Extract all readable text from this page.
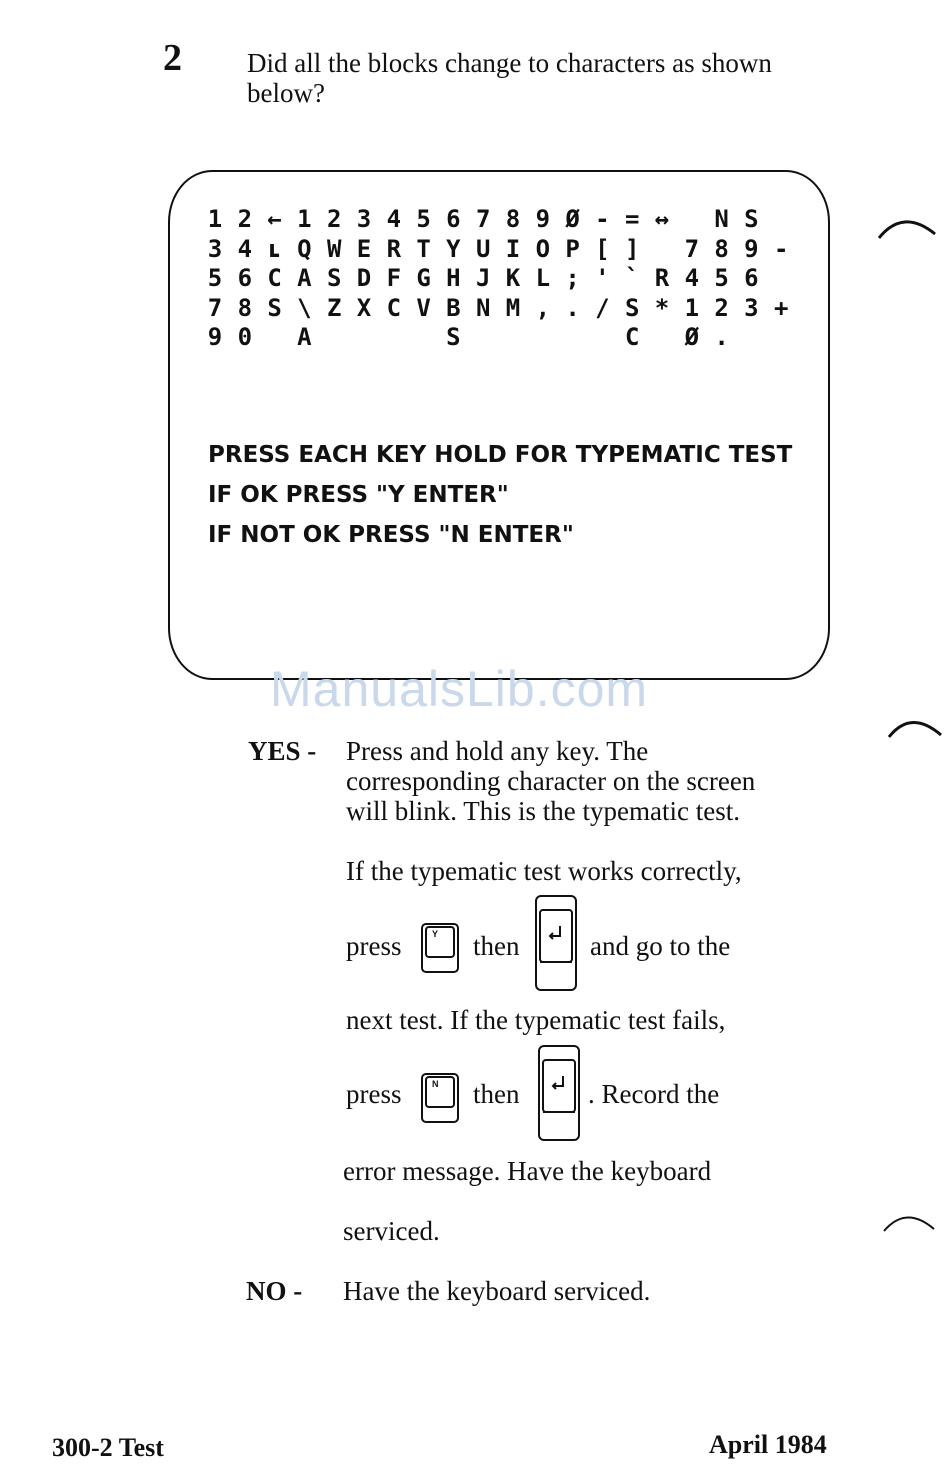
2 Did all the blocks change to characters as shown below?
1 2 ← 1 2 3 4 5 6 7 8 9 Ø - = ↔	N S
3 4 ʟ Q W E R T Y U I O P [ ]	7 8 9 -
5 6 C A S D F G H J K L ; ' ` R 4 5 6
7 8 S \ Z X C V B N M , . / S * 1 2 3 +
9 0	A	S	C	Ø .
PRESS EACH KEY HOLD FOR TYPEMATIC TEST
IF OK PRESS "Y ENTER"
IF NOT OK PRESS "N ENTER"
ManualsLib.com
YES - Press and hold any key. The
corresponding character on the screen
will blink. This is the typematic test.
If the typematic test works correctly,
press	Y then	and go to the
next test. If the typematic test fails,
press	N then	. Record the
error message. Have the keyboard
serviced.
NO - Have the keyboard serviced.
300-2 Test	April 1984
